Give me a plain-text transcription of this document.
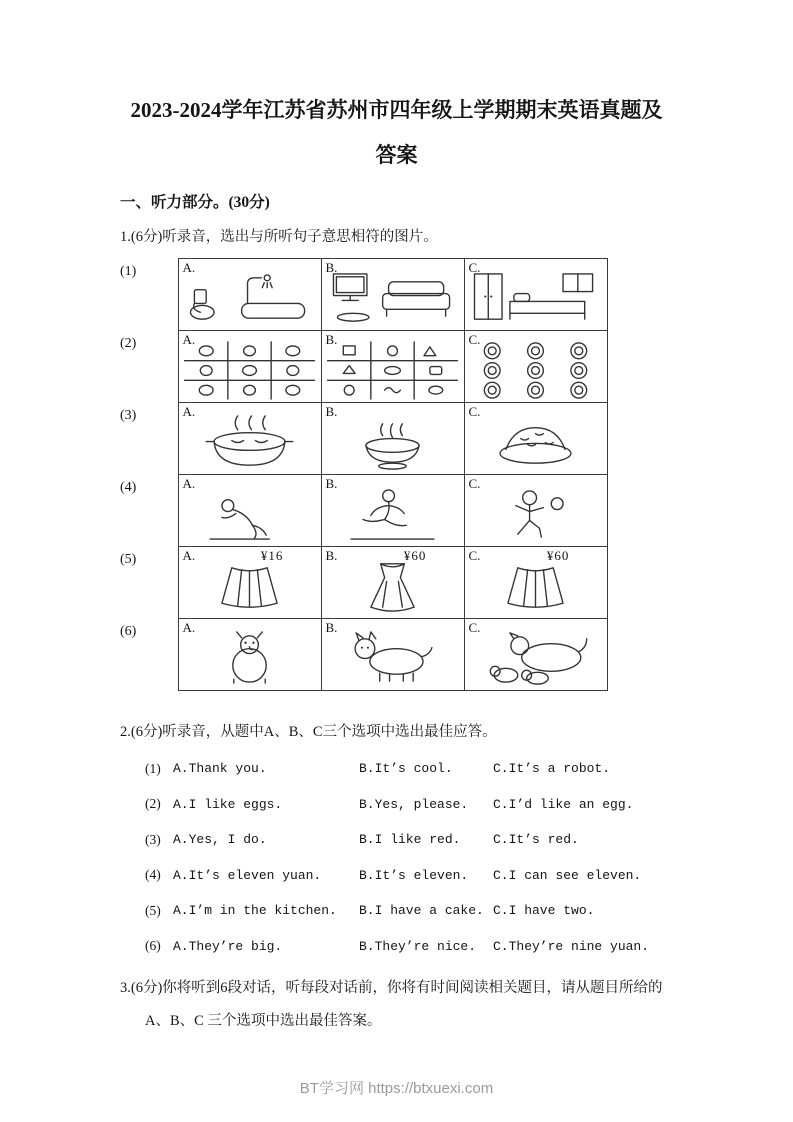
2023-2024学年江苏省苏州市四年级上学期期末英语真题及
答案
一、听力部分。(30分)
1.(6分)听录音，选出与所听句子意思相符的图片。
(1)	A.	B.	C.

(2)	A.	B.	C.

(3)	A.	B.	C.

(4)	A.	B.	C.

(5)	A. ¥16	B. ¥60	C. ¥60

(6)	A.	B.	C.
2.(6分)听录音，从题中A、B、C三个选项中选出最佳应答。
(1) A.Thank you.	B.It’s cool.	C.It’s a robot.
(2) A.I like eggs.	B.Yes, please.	C.I’d like an egg.
(3) A.Yes, I do.	B.I like red.	C.It’s red.
(4) A.It’s eleven yuan.	B.It’s eleven.	C.I can see eleven.
(5) A.I’m in the kitchen.	B.I have a cake. C.I have two.
(6) A.They’re big.	B.They’re nice.	C.They’re nine yuan.
3.(6分)你将听到6段对话，听每段对话前，你将有时间阅读相关题目，请从题目所给的
A、B、C 三个选项中选出最佳答案。
BT学习网 https://btxuexi.com
